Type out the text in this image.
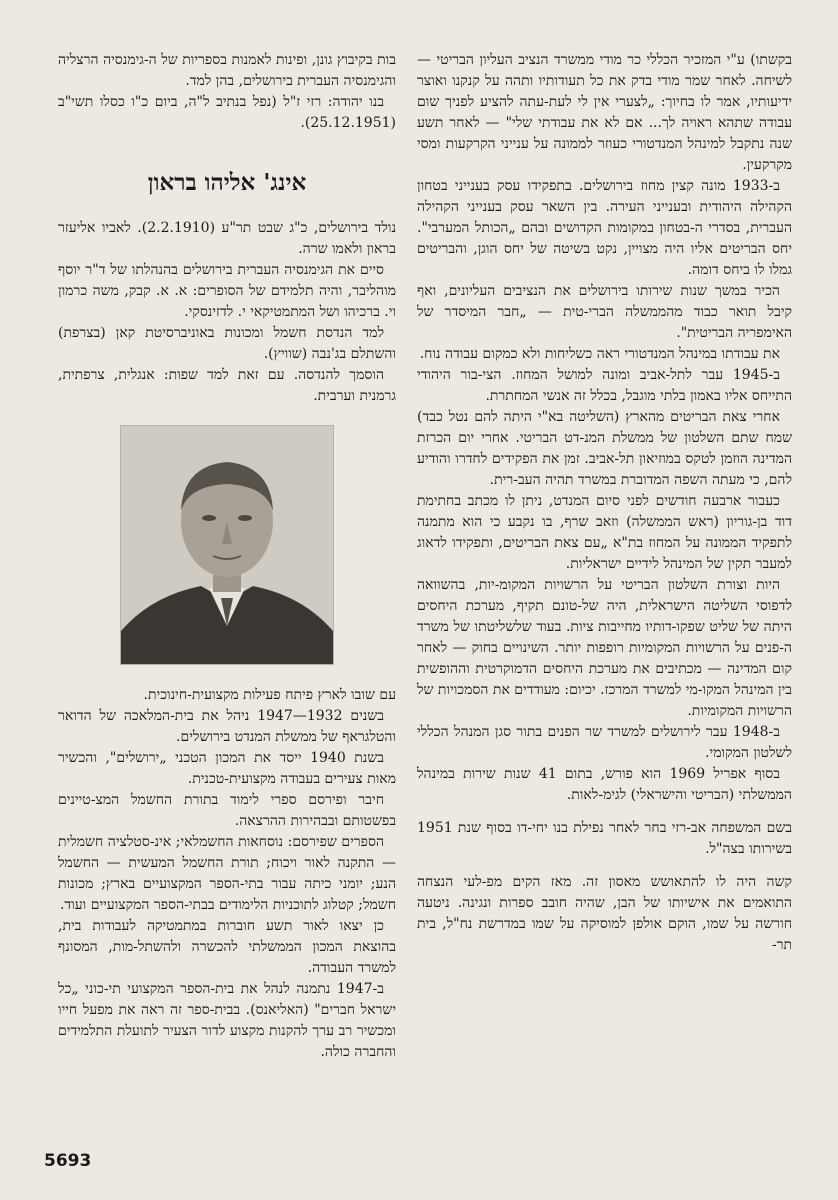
בקשתו) ע"י המזכיר הכללי כר מודי ממשרד הנציב העליון הבריטי — לשיחה. לאחר שמר מודי בדק את כל תעודותיו ותהה על קנקנו ואוצר ידיעותיו, אמר לו בחיוך: „לצערי אין לי לעת-עתה להציע לפניך שום עבודה שתהא ראויה לך... אם לא את עבודתי שלי" — לאחר תשע שנה נתקבל למינהל המנדטורי כעוזר לממונה על ענייני הקרקעות ומסי מקרקעין.

ב-1933 מונה קצין מחוז בירושלים. בתפקידו עסק בענייני בטחון הקהילה היהודית ובענייני העירה. בין השאר עסק בענייני הקהילה העברית, בסדרי ה-בטחון במקומות הקדושים ובהם „הכותל המערבי". יחס הבריטים אליו היה מצויין, נקט בשיטה של יחס הוגן, והבריטים גמלו לו ביחס דומה.

הכיר במשך שנות שירותו בירושלים את הנציבים העליונים, ואף קיבל תואר כבוד מהממשלה הברי-טית — „חבר המיסדר של האימפריה הבריטית".

את עבודתו במינהל המנדטורי ראה כשליחות ולא כמקום עבודה נוח.

ב-1945 עבר לתל-אביב ומונה למושל המחוז. הצי-בור היהודי התייחס אליו באמון בלתי מוגבל, בכלל זה אנשי המחתרת.

אחרי צאת הבריטים מהארץ (השליטה בא"י היתה להם נטל כבד) שמח שתם השלטון של ממשלת המנ-דט הבריטי. אחרי יום הכרזת המדינה הוזמן לטקס במוזיאון תל-אביב. זמן את הפקידים לחדרו והודיע להם, כי מעתה השפה המדוברת במשרד תהיה העב-רית.

כעבור ארבעה חודשים לפני סיום המנדט, ניתן לו מכתב בחתימת דוד בן-גוריון (ראש הממשלה) וזאב שרף, בו נקבע כי הוא מתמנה לתפקיד הממונה על המחוז בת"א „עם צאת הבריטים, ותפקידו לדאוג למעבר תקין של המינהל לידיים ישראליות.

היות וצורת השלטון הבריטי על הרשויות המקומ-יות, בהשוואה לדפוסי השליטה הישראלית, היה של-טונם תקיף, מערכת היחסים היתה של שליט שפקו-דותיו מחייבות ציות. בעוד שלשליטתו של משרד ה-פנים על הרשויות המקומיות רופפות יותר. השינויים בחוק — לאחר קום המדינה — מכתיבים את מערכת היחסים הדמוקרטית וההופשית בין המינהל המקו-מי למשרד המרכז. יכיום: מעודדים את הסמכויות של הרשויות המקומיות.

ב-1948 עבר לירושלים למשרד שר הפנים בתור סגן המנהל הכללי לשלטון המקומי.

בסוף אפריל 1969 הוא פורש, בתום 41 שנות שירות במינהל הממשלתי (הבריטי והישראלי) לגימ-לאות.

בשם המשפחה אב-רזי בחר לאחר נפילת בנו יחי-דו בסוף שנת 1951 בשירותו בצה"ל.

קשה היה לו להתאושש מאסון זה. מאז הקים מפ-לעי הנצחה התואמים את אישיותו של הבן, שהיה חובב ספרות ונגינה. ניטעה חורשה על שמו, הוקם אולפן למוסיקה על שמו במדרשת נח"ל, בית תר-

בות בקיבוץ גונן, ופינות לאמנות בספריות של ה-גימנסיה הרצליה והגימנסיה העברית בירושלים, בהן למד.

בנו יהודה: רזי ז"ל (נפל בנתיב ל"ה, ביום כ"ו כסלו תשי"ב (25.12.1951).

אינג' אליהו בראון

נולד בירושלים, כ"ג שבט תר"ע (2.2.1910). לאביו אליעזר בראון ולאמו שרה.

סיים את הגימנסיה העברית בירושלים בהנהלתו של ד"ר יוסף מוהליבר, והיה תלמידם של הסופרים: א. א. קבק, משה כרמון וי. ברכיהו ושל המתמטיקאי י. לדזינסקי.

למד הנדסת חשמל ומכונות באוניברסיטת קאן (בצרפת) והשתלם בג'נבה (שוויץ).

הוסמך להנדסה. עם זאת למד שפות: אנגלית, צרפתית, גרמנית וערבית.

עם שובו לארץ פיתח פעילות מקצועית-חינוכית.

בשנים 1932—1947 ניהל את בית-המלאכה של הדואר והטלגראף של ממשלת המנדט בירושלים.

בשנת 1940 ייסד את המכון הטכני „ירושלים", והכשיר מאות צעירים בעבודה מקצועית-טכנית.

חיבר ופירסם ספרי לימוד בתורת החשמל המצ-טיינים בפשטותם ובבהירות ההרצאה.

הספרים שפירסם: נוסחאות החשמלאי; אינ-סטלציה חשמלית — התקנה לאור ויכוח; תורת החשמל המעשית — החשמל הנע; יומני כיתה עבור בתי-הספר המקצועיים בארץ; מכונות חשמל; קטלוג לתוכניות הלימודים בבתי-הספר המקצועיים ועוד.

כן יצאו לאור תשע חוברות במתמטיקה לעבודות בית, בהוצאת המכון הממשלתי להכשרה ולהשתל-מות, המסונף למשרד העבודה.

ב-1947 נתמנה לנהל את בית-הספר המקצועי תי-כוני „כל ישראל חברים" (האליאנס). בבית-ספר זה ראה את מפעל חייו ומכשיר רב ערך להקנות מקצוע לדור הצעיר לתועלת התלמידים והחברה כולה.

5693
